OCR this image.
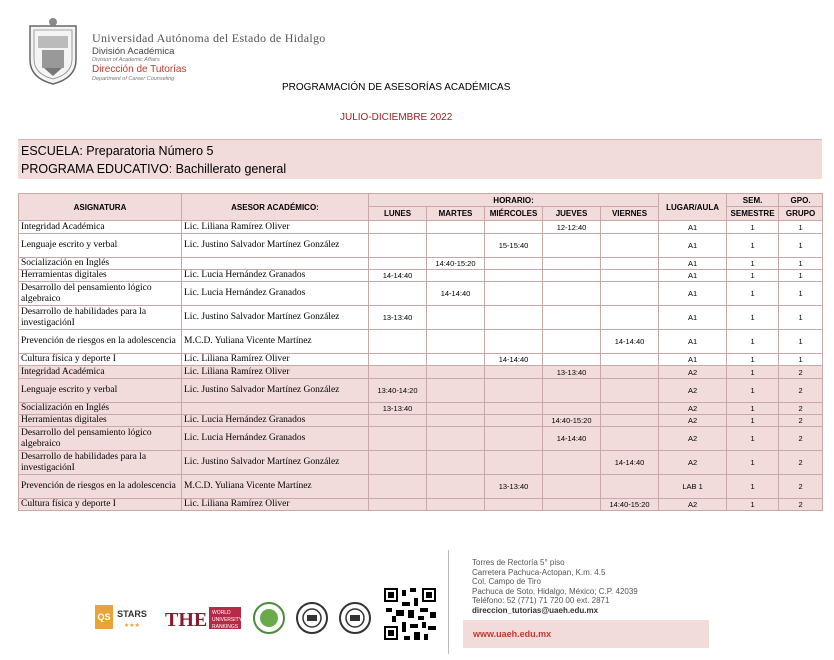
Universidad Autónoma del Estado de Hidalgo
División Académica
Division of Academic Affairs
Dirección de Tutorías
Department of Career Counseling
PROGRAMACIÓN DE ASESORÍAS ACADÉMICAS
JULIO-DICIEMBRE 2022
ESCUELA: Preparatoria Número 5
PROGRAMA EDUCATIVO: Bachillerato general
ASIGNATURA	ASESOR ACADÉMICO:	HORARIO:					LUGAR/AULA	SEM.	GPO.
		LUNES	MARTES	MIÉRCOLES	JUEVES	VIERNES		SEMESTRE	GRUPO
Integridad Académica	Lic. Liliana Ramírez Oliver				12-12:40		A1	1	1
Lenguaje escrito y verbal	Lic. Justino Salvador Martínez González			15-15:40			A1	1	1
Socialización en Inglés			14:40-15:20				A1	1	1
Herramientas digitales	Lic. Lucia Hernández Granados	14-14:40					A1	1	1
Desarrollo del pensamiento lógico algebraico	Lic. Lucia Hernández Granados		14-14:40				A1	1	1
Desarrollo de habilidades para la investigaciónI	Lic. Justino Salvador Martínez González	13-13:40					A1	1	1
Prevención de riesgos en la adolescencia	M.C.D. Yuliana Vicente Martínez					14-14:40	A1	1	1
Cultura física y deporte I	Lic. Liliana Ramírez Oliver			14-14:40			A1	1	1
Integridad Académica	Lic. Liliana Ramírez Oliver				13-13:40		A2	1	2
Lenguaje escrito y verbal	Lic. Justino Salvador Martínez González	13:40-14:20					A2	1	2
Socialización en Inglés		13-13:40					A2	1	2
Herramientas digitales	Lic. Lucia Hernández Granados				14:40-15:20		A2	1	2
Desarrollo del pensamiento lógico algebraico	Lic. Lucia Hernández Granados				14-14:40		A2	1	2
Desarrollo de habilidades para la investigaciónI	Lic. Justino Salvador Martínez González					14-14:40	A2	1	2
Prevención de riesgos en la adolescencia	M.C.D. Yuliana Vicente Martínez			13-13:40			LAB 1	1	2
Cultura física y deporte I	Lic. Liliana Ramírez Oliver					14:40-15:20	A2	1	2
QS STARS
★★★ THE WORLD
UNIVERSITY
RANKINGS
Torres de Rectoría 5° piso
Carretera Pachuca-Actopan, K.m. 4.5
Col. Campo de Tiro
Pachuca de Soto, Hidalgo, México; C.P. 42039
Teléfono: 52 (771) 71 720 00 ext. 2871
direccion_tutorias@uaeh.edu.mx
www.uaeh.edu.mx
